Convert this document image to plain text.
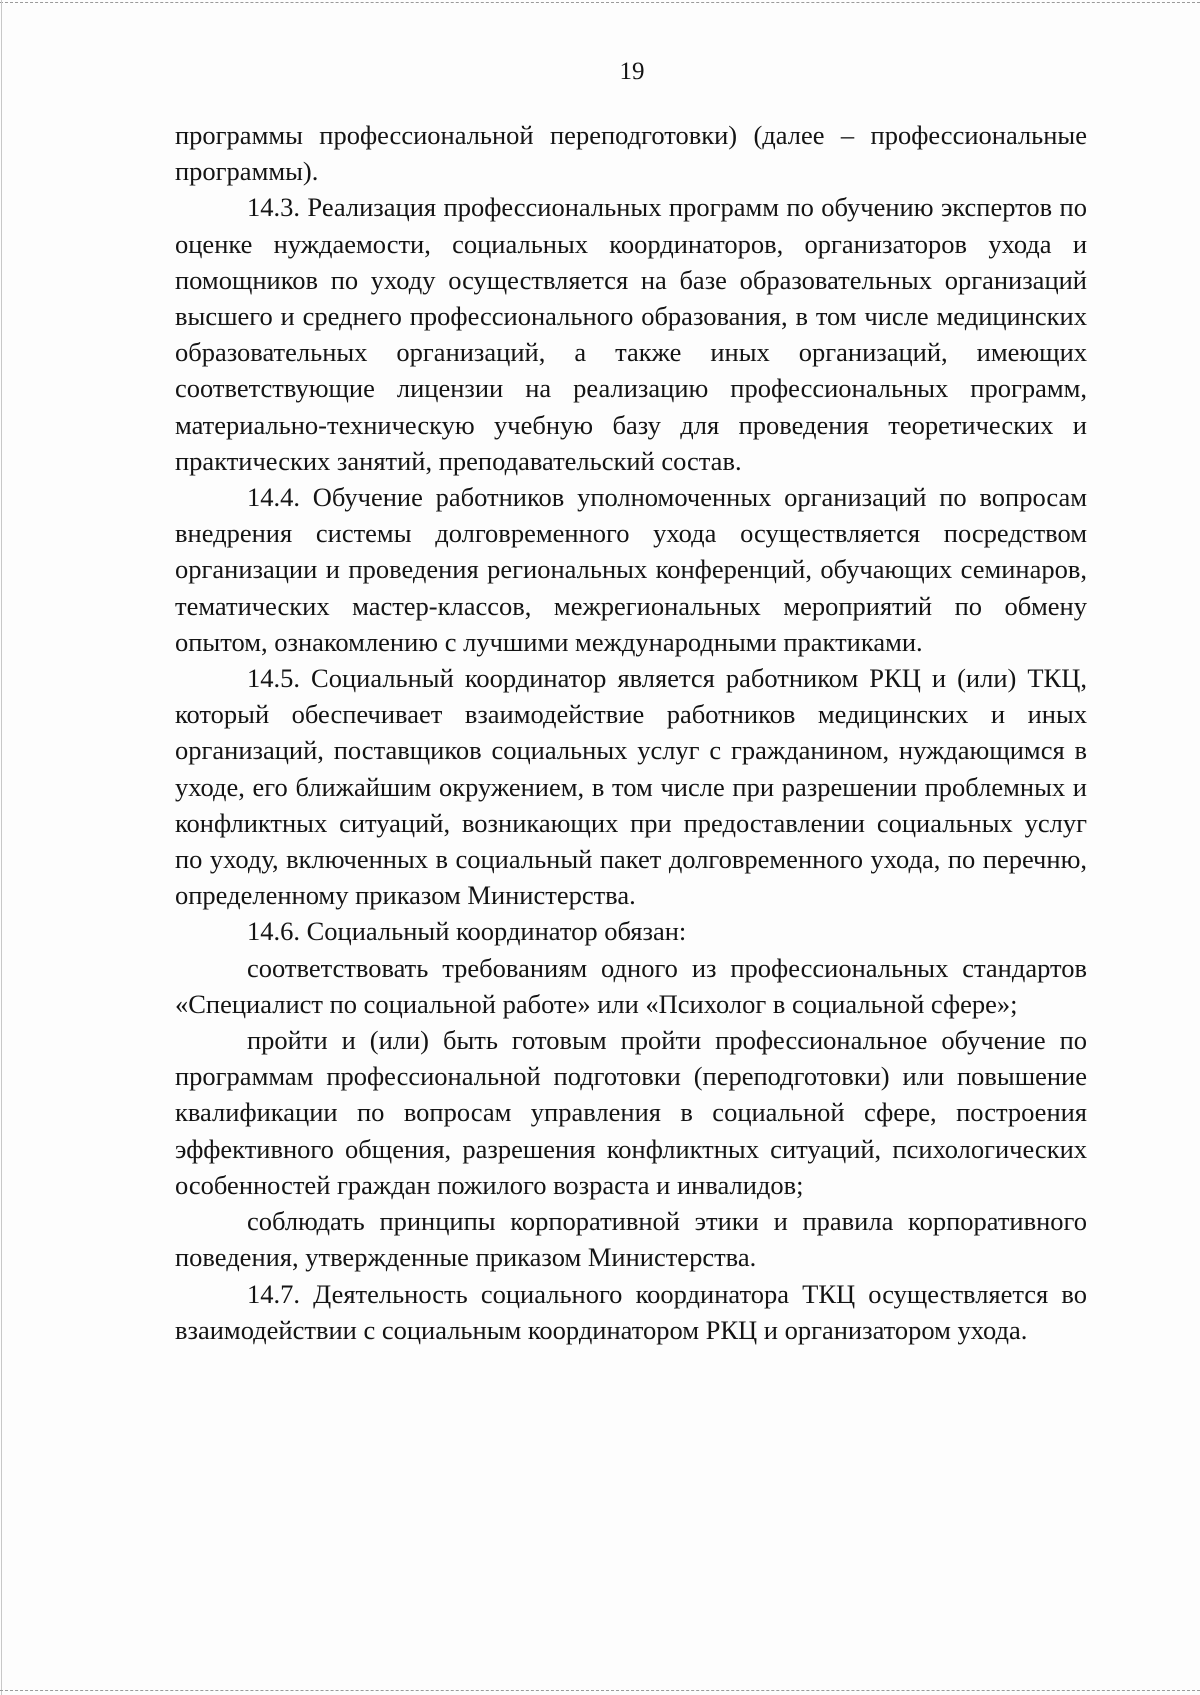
19

программы профессиональной переподготовки) (далее – профессиональные программы).

14.3. Реализация профессиональных программ по обучению экспертов по оценке нуждаемости, социальных координаторов, организаторов ухода и помощников по уходу осуществляется на базе образовательных организаций высшего и среднего профессионального образования, в том числе медицинских образовательных организаций, а также иных организаций, имеющих соответствующие лицензии на реализацию профессиональных программ, материально-техническую учебную базу для проведения теоретических и практических занятий, преподавательский состав.

14.4. Обучение работников уполномоченных организаций по вопросам внедрения системы долговременного ухода осуществляется посредством организации и проведения региональных конференций, обучающих семинаров, тематических мастер-классов, межрегиональных мероприятий по обмену опытом, ознакомлению с лучшими международными практиками.

14.5. Социальный координатор является работником РКЦ и (или) ТКЦ, который обеспечивает взаимодействие работников медицинских и иных организаций, поставщиков социальных услуг с гражданином, нуждающимся в уходе, его ближайшим окружением, в том числе при разрешении проблемных и конфликтных ситуаций, возникающих при предоставлении социальных услуг по уходу, включенных в социальный пакет долговременного ухода, по перечню, определенному приказом Министерства.

14.6. Социальный координатор обязан:

соответствовать требованиям одного из профессиональных стандартов «Специалист по социальной работе» или «Психолог в социальной сфере»;

пройти и (или) быть готовым пройти профессиональное обучение по программам профессиональной подготовки (переподготовки) или повышение квалификации по вопросам управления в социальной сфере, построения эффективного общения, разрешения конфликтных ситуаций, психологических особенностей граждан пожилого возраста и инвалидов;

соблюдать принципы корпоративной этики и правила корпоративного поведения, утвержденные приказом Министерства.

14.7. Деятельность социального координатора ТКЦ осуществляется во взаимодействии с социальным координатором РКЦ и организатором ухода.
